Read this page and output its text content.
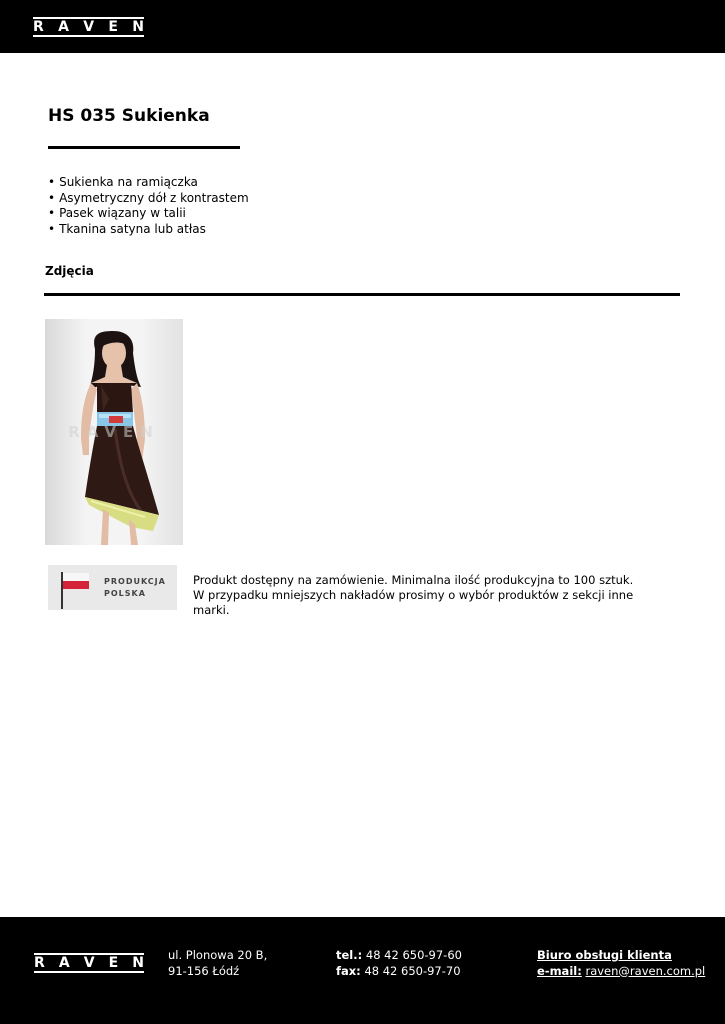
R A V E N
HS 035 Sukienka
• Sukienka na ramiączka
• Asymetryczny dół z kontrastem
• Pasek wiązany w talii
• Tkanina satyna lub atłas
Zdjęcia
RAVEN
PRODUKCJA
POLSKA

Produkt dostępny na zamówienie. Minimalna ilość produkcyjna to 100 sztuk. W przypadku mniejszych nakładów prosimy o wybór produktów z sekcji inne marki.

R A V E N ul. Plonowa 20 B,
91-156 Łódź
tel.: 48 42 650-97-60
fax: 48 42 650-97-70
Biuro obsługi klienta
e-mail: raven@raven.com.pl
